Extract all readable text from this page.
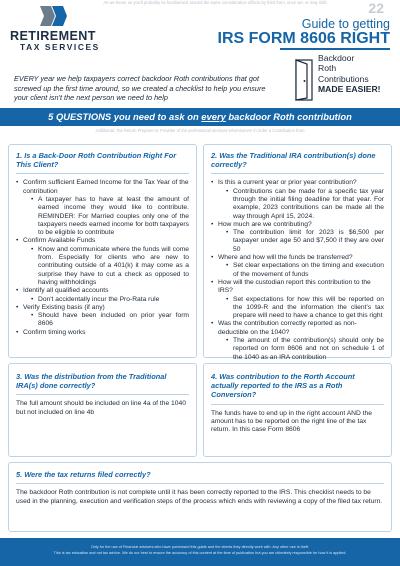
As we know, as you'll probably be familiarised around the same consideration affects by third from, once we, or may shift
RETIREMENT
TAX SERVICES
22
Guide to getting
IRS FORM 8606 RIGHT
Backdoor
Roth
Contributions
MADE EASIER!
EVERY year we help taxpayers correct backdoor Roth contributions that got screwed up the first time around, so we created a checklist to help you ensure your client isn't the next person we need to help
5 QUESTIONS you need to ask on every backdoor Roth contribution
Additional, Tax Return Preparer or Provider of the professional services whomsoever in order a Contribution from
1. Is a Back-Door Roth Contribution Right For This Client?
• Confirm sufficient Earned Income for the Tax Year of the contribution
• A taxpayer has to have at least the amount of earned income they would like to contribute. REMINDER: For Married couples only one of the taxpayers needs earned income for both taxpayers to be eligible to contribute
• Confirm Available Funds
• Know and communicate where the funds will come from. Especially for clients who are new to contributing outside of a 401(k) it may come as a surprise they have to cut a check as opposed to having withholdings
• Identify all qualified accounts
• Don't accidentally incur the Pro-Rata rule
• Verify Existing basis (if any)
• Should have been included on prior year form 8606
• Confirm timing works
2. Was the Traditional IRA contribution(s) done correctly?
• Is this a current year or prior year contribution?
• Contributions can be made for a specific tax year through the initial filing deadline for that year. For example, 2023 contributions can be made all the way through April 15, 2024.
• How much are we contributing?
• The contribution limit for 2023 is $6,500 per taxpayer under age 50 and $7,500 if they are over 50
• Where and how will the funds be transferred?
• Set clear expectations on the timing and execution of the movement of funds
• How will the custodian report this contribution to the IRS?
• Set expectations for how this will be reported on the 1099-R and the information the client's tax prepare will need to have a chance to get this right
• Was the contribution correctly reported as non-deductible on the 1040?
• The amount of the contribution(s) should only be reported on form 8606 and not on schedule 1 of the 1040 as an IRA contribution
3. Was the distribution from the Traditional IRA(s) done correctly?
The full amount should be included on line 4a of the 1040 but not included on line 4b
4. Was contribution to the Rorth Account actually reported to the IRS as a Roth Conversion?
The funds have to end up in the right account AND the amount has to be reported on the right line of the tax return. In this case Form 8606
5. Were the tax returns filed correctly?
The backdoor Roth contribution is not complete until it has been correctly reported to the IRS. This checklist needs to be used in the planning, execution and verification steps of the process which ends with reviewing a copy of the filed tax return.
Only for the use of Financial advisers who have purchased this guide and the clients they directly work with. Any other use is theft.
This is tax education and not tax advice. We do our best to ensure the accuracy of this content at the time of publication but you are ultimately responsible for how it is applied.
